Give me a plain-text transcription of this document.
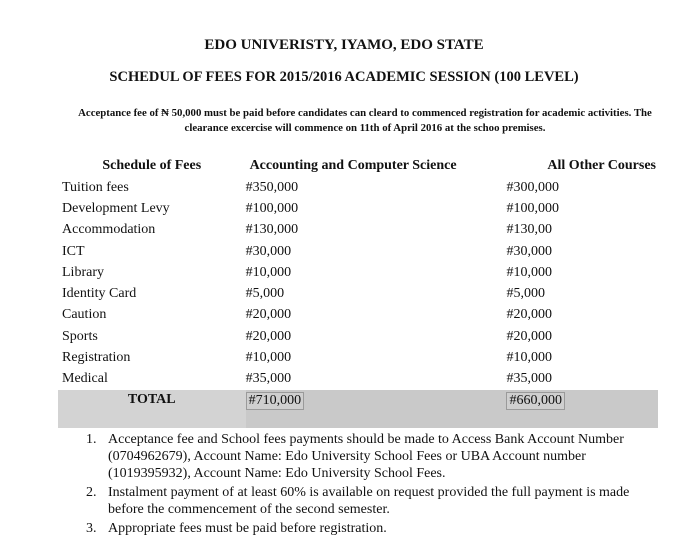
EDO UNIVERISTY, IYAMO, EDO STATE
SCHEDUL OF FEES FOR 2015/2016 ACADEMIC SESSION (100 LEVEL)
Acceptance fee of ₦ 50,000 must be paid before candidates can cleard to commenced registration for academic activities. The clearance excercise will commence on 11th of April 2016 at the schoo premises.
Schedule of Fees	Accounting and Computer Science	All Other Courses
Tuition fees	#350,000	#300,000
Development Levy	#100,000	#100,000
Accommodation	#130,000	#130,00
ICT	#30,000	#30,000
Library	#10,000	#10,000
Identity Card	#5,000	#5,000
Caution	#20,000	#20,000
Sports	#20,000	#20,000
Registration	#10,000	#10,000
Medical	#35,000	#35,000
TOTAL	#710,000	#660,000
1. Acceptance fee and School fees payments should be made to Access Bank Account Number (0704962679), Account Name: Edo University School Fees or UBA Account number (1019395932), Account Name: Edo University School Fees.
2. Instalment payment of at least 60% is available on request provided the full payment is made before the commencement of the second semester.
3. Appropriate fees must be paid before registration.
